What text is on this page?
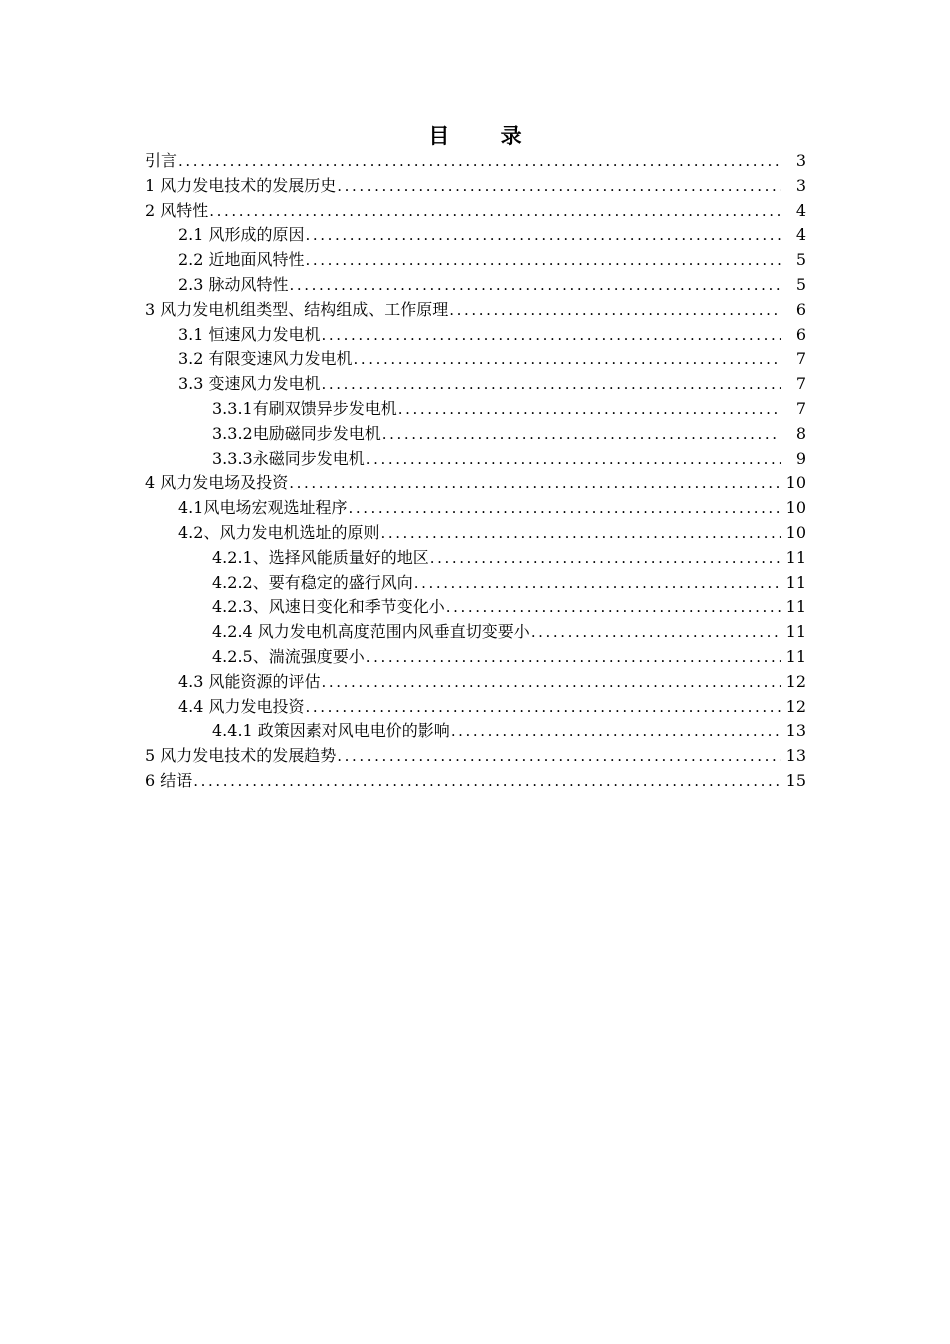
目 录
引言 .....	3
1 风力发电技术的发展历史 .....	3
2 风特性 .....	4
2.1 风形成的原因 .....	4
2.2 近地面风特性 .....	5
2.3 脉动风特性 .....	5
3 风力发电机组类型、结构组成、工作原理 .....	6
3.1 恒速风力发电机 .....	6
3.2 有限变速风力发电机 .....	7
3.3 变速风力发电机 .....	7
3.3.1有刷双馈异步发电机 .....	7
3.3.2电励磁同步发电机 .....	8
3.3.3永磁同步发电机 .....	9
4 风力发电场及投资 .....	10
4.1风电场宏观选址程序 .....	10
4.2、风力发电机选址的原则 .....	10
4.2.1、选择风能质量好的地区 .....	11
4.2.2、要有稳定的盛行风向 .....	11
4.2.3、风速日变化和季节变化小 .....	11
4.2.4 风力发电机高度范围内风垂直切变要小 .....	11
4.2.5、湍流强度要小 .....	11
4.3 风能资源的评估 .....	12
4.4 风力发电投资 .....	12
4.4.1 政策因素对风电电价的影响 .....	13
5 风力发电技术的发展趋势 .....	13
6 结语 .....	15
